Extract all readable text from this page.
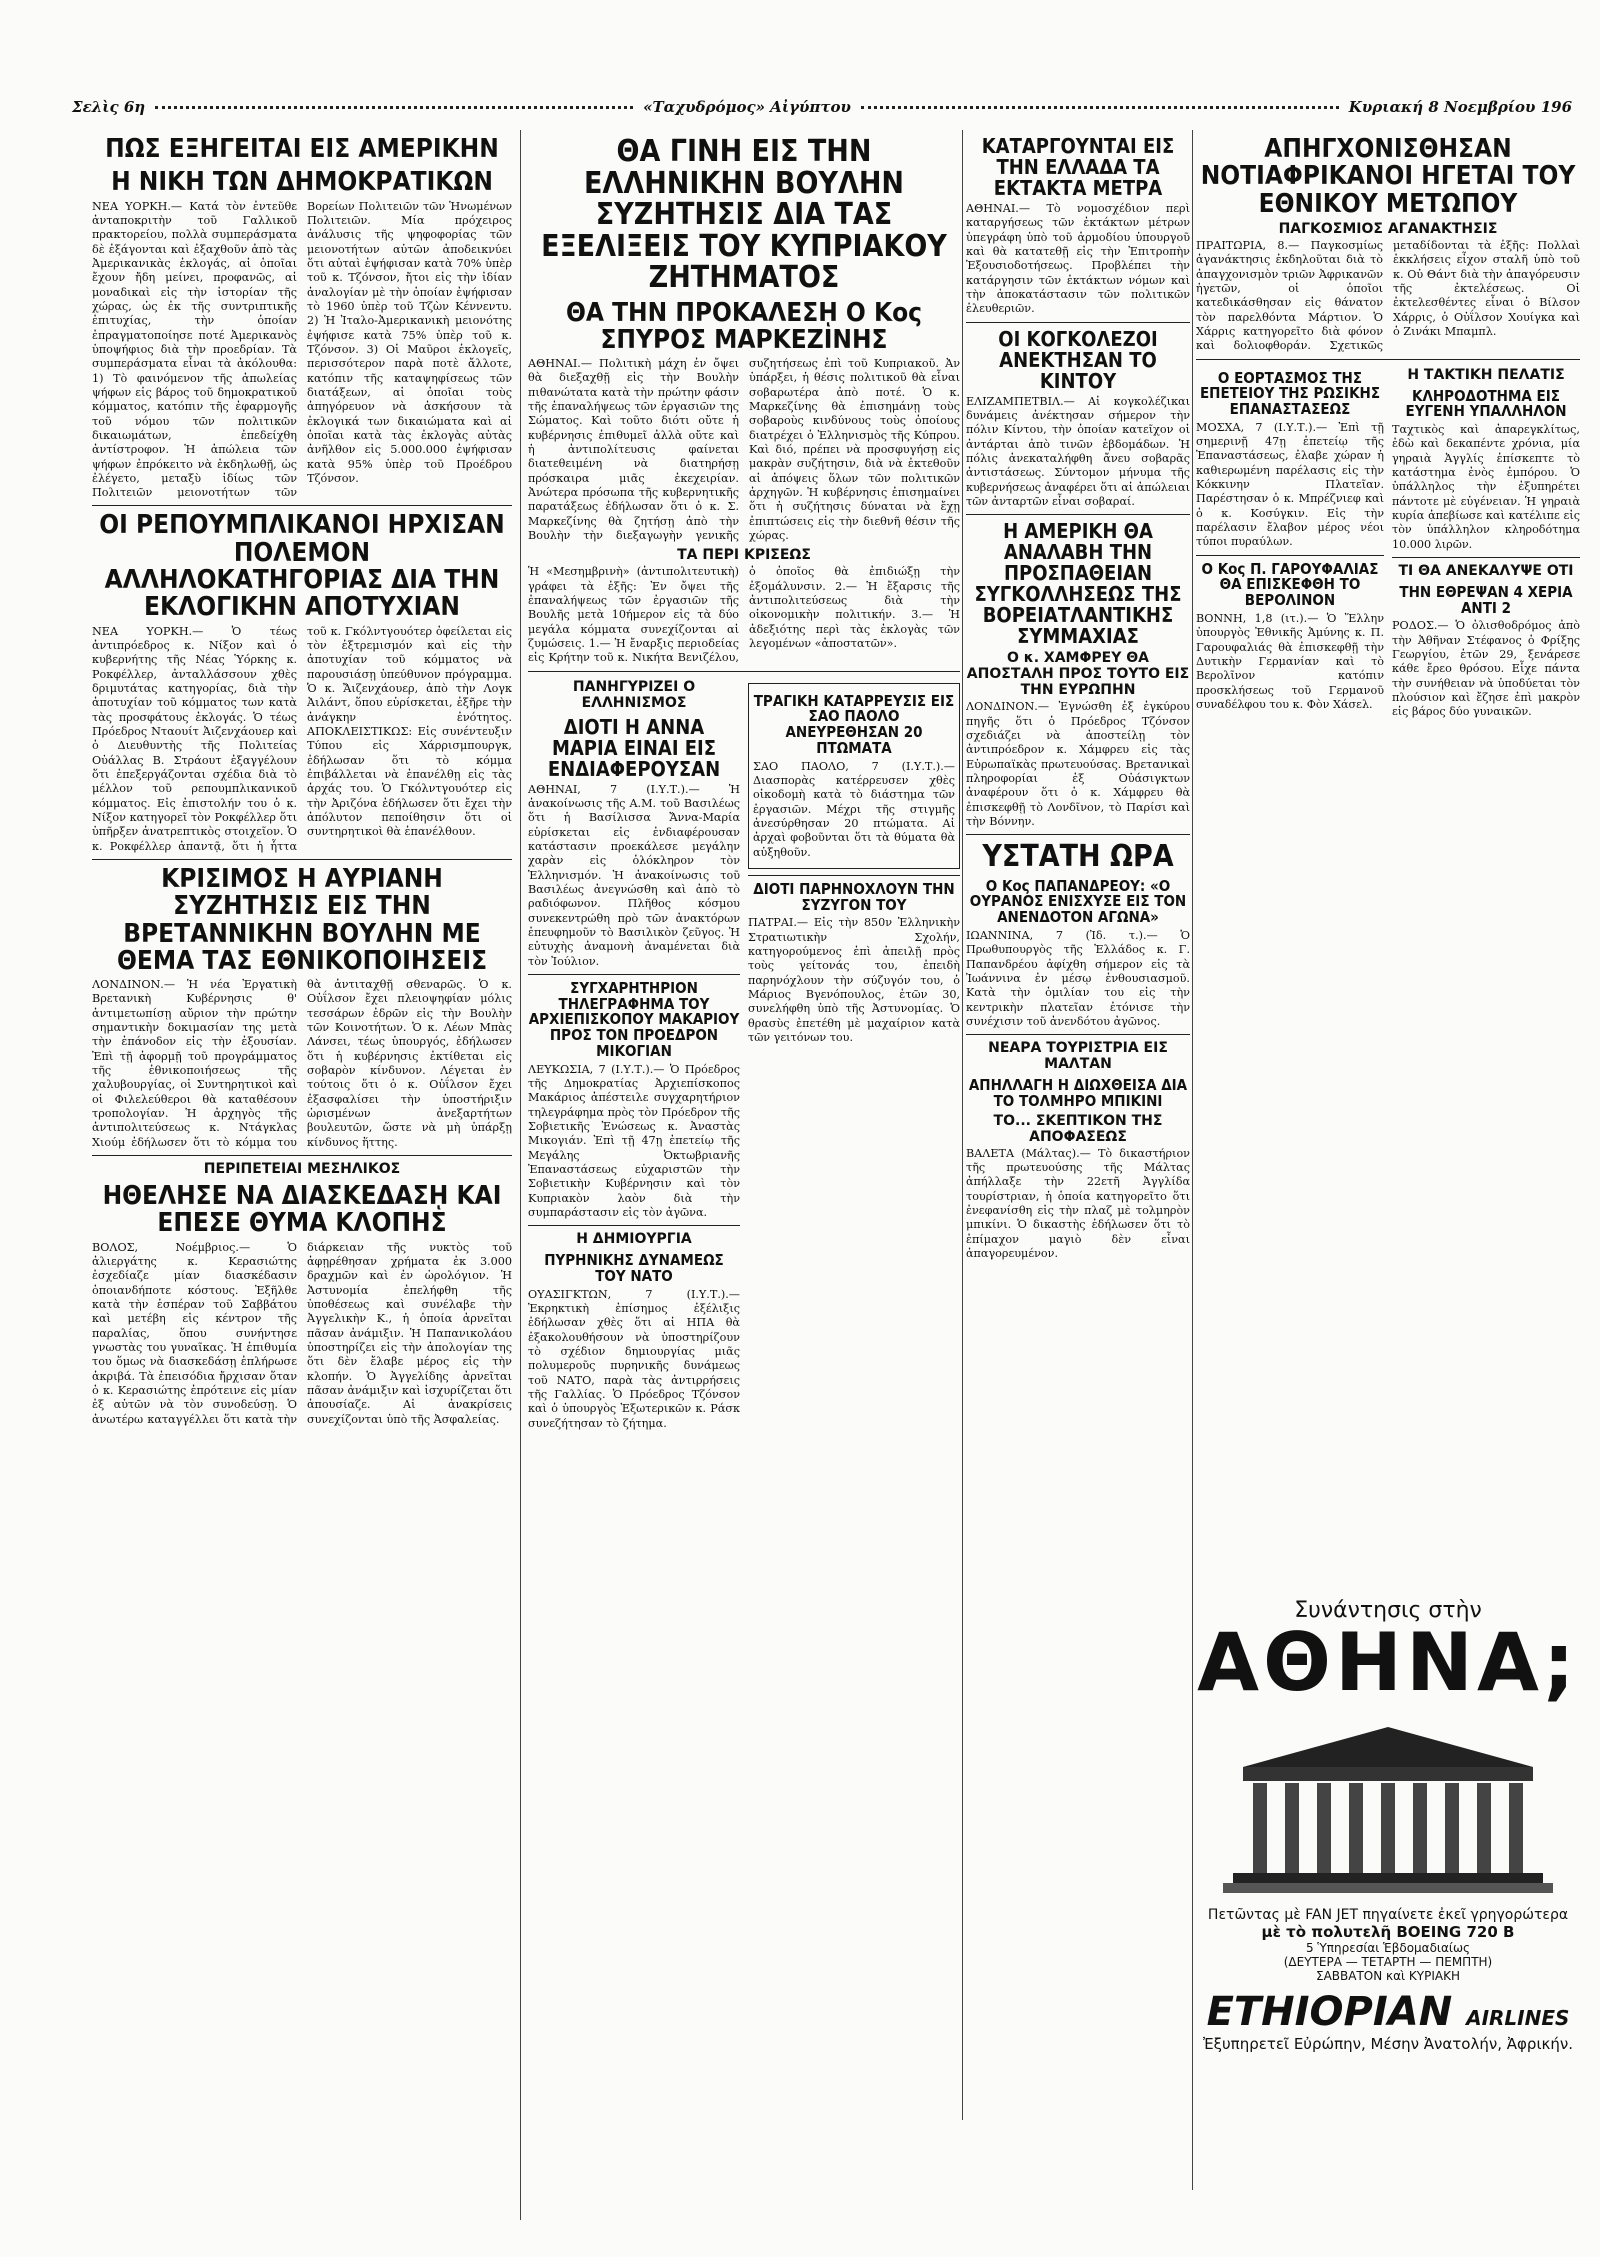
Σελὶς 6η	«Ταχυδρόμος» Αἰγύπτου	Κυριακή 8 Νοεμβρίου 196
ΠΩΣ ΕΞΗΓΕΙΤΑΙ ΕΙΣ ΑΜΕΡΙΚΗΝ
Η ΝΙΚΗ ΤΩΝ ΔΗΜΟΚΡΑΤΙΚΩΝ

ΝΕΑ ΥΟΡΚΗ.— Κατά τὸν ἐντεῦθε ἀνταποκριτὴν τοῦ Γαλλικοῦ πρακτορείου, πολλὰ συμπεράσματα δὲ ἐξάγονται καὶ ἐξαχθοῦν ἀπὸ τὰς Ἀμερικανικὰς ἐκλογάς, αἱ ὁποῖαι ἔχουν ἤδη μείνει, προφανῶς, αἱ μοναδικαὶ εἰς τὴν ἱστορίαν τῆς χώρας, ὡς ἐκ τῆς συντριπτικῆς ἐπιτυχίας, τὴν ὁποίαν ἐπραγματοποίησε ποτέ Ἀμερικανὸς ὑποψήφιος διὰ τὴν προεδρίαν. Τὰ συμπεράσματα εἶναι τὰ ἀκόλουθα: 1) Τὸ φαινόμενον τῆς ἀπωλείας ψήφων εἰς βάρος τοῦ δημοκρατικοῦ κόμματος, κατόπιν τῆς ἐφαρμογῆς τοῦ νόμου τῶν πολιτικῶν δικαιωμάτων, ἐπεδείχθη ἀντίστροφον. Ἡ ἀπώλεια τῶν ψήφων ἐπρόκειτο νὰ ἐκδηλωθῇ, ὡς ἐλέγετο, μεταξὺ ἰδίως τῶν Πολιτειῶν μειονοτήτων τῶν Βορείων Πολιτειῶν τῶν Ἡνωμένων Πολιτειῶν. Μία πρόχειρος ἀνάλυσις τῆς ψηφοφορίας τῶν μειονοτήτων αὐτῶν ἀποδεικνύει ὅτι αὐταὶ ἐψήφισαν κατὰ 70% ὑπὲρ τοῦ κ. Τζόνσον, ἤτοι εἰς τὴν ἰδίαν ἀναλογίαν μὲ τὴν ὁποίαν ἐψήφισαν τὸ 1960 ὑπὲρ τοῦ Τζὼν Κέννεντυ. 2) Ἡ Ἰταλο-Ἀμερικανικὴ μειονότης ἐψήφισε κατὰ 75% ὑπὲρ τοῦ κ. Τζόνσον. 3) Οἱ Μαῦροι ἐκλογεῖς, περισσότερον παρὰ ποτὲ ἄλλοτε, κατόπιν τῆς καταψηφίσεως τῶν διατάξεων, αἱ ὁποῖαι τοὺς ἀπηγόρευον νὰ ἀσκήσουν τὰ ἐκλογικά των δικαιώματα καὶ αἱ ὁποῖαι κατὰ τὰς ἐκλογὰς αὐτὰς ἀνῆλθον εἰς 5.000.000 ἐψήφισαν κατὰ 95% ὑπὲρ τοῦ Προέδρου Τζόνσον.

ΟΙ ΡΕΠΟΥΜΠΛΙΚΑΝΟΙ ΗΡΧΙΣΑΝ ΠΟΛΕΜΟΝ ΑΛΛΗΛΟΚΑΤΗΓΟΡΙΑΣ ΔΙΑ ΤΗΝ ΕΚΛΟΓΙΚΗΝ ΑΠΟΤΥΧΙΑΝ

ΝΕΑ ΥΟΡΚΗ.— Ὁ τέως ἀντιπρόεδρος κ. Νίξον καὶ ὁ κυβερνήτης τῆς Νέας Ὑόρκης κ. Ροκφέλλερ, ἀνταλλάσσουν χθὲς δριμυτάτας κατηγορίας, διὰ τὴν ἀποτυχίαν τοῦ κόμματος των κατὰ τὰς προσφάτους ἐκλογάς. Ὁ τέως Πρόεδρος Νταουίτ Ἀιζενχάουερ καὶ ὁ Διευθυντὴς τῆς Πολιτείας Οὐάλλας Β. Στράουτ ἐξαγγέλουν ὅτι ἐπεξεργάζονται σχέδια διὰ τὸ μέλλον τοῦ ρεπουμπλικανικοῦ κόμματος. Εἰς ἐπιστολήν του ὁ κ. Νίξον κατηγορεῖ τὸν Ροκφέλλερ ὅτι ὑπῆρξεν ἀνατρεπτικὸς στοιχεῖον. Ὁ κ. Ροκφέλλερ ἀπαντᾷ, ὅτι ἡ ἧττα τοῦ κ. Γκόλντγουότερ ὀφείλεται εἰς τὸν ἐξτρεμισμόν καὶ εἰς τὴν ἀποτυχίαν τοῦ κόμματος νὰ παρουσιάσῃ ὑπεύθυνον πρόγραμμα. Ὁ κ. Ἄιζενχάουερ, ἀπὸ τὴν Λογκ Ἀιλάντ, ὅπου εὑρίσκεται, ἐξῆρε τὴν ἀνάγκην ἐνότητος. ΑΠΟΚΛΕΙΣΤΙΚΩΣ: Εἰς συνέντευξιν Τύπου εἰς Χάρρισμπουργκ, ἐδήλωσαν ὅτι τὸ κόμμα ἐπιβάλλεται νὰ ἐπανέλθῃ εἰς τὰς ἀρχάς του. Ὁ Γκόλντγουότερ εἰς τὴν Ἀριζόνα ἐδήλωσεν ὅτι ἔχει τὴν ἀπόλυτον πεποίθησιν ὅτι οἱ συντηρητικοὶ θὰ ἐπανέλθουν.

ΚΡΙΣΙΜΟΣ Η ΑΥΡΙΑΝΗ ΣΥΖΗΤΗΣΙΣ ΕΙΣ ΤΗΝ ΒΡΕΤΑΝΝΙΚΗΝ ΒΟΥΛΗΝ ΜΕ ΘΕΜΑ ΤΑΣ ΕΘΝΙΚΟΠΟΙΗΣΕΙΣ

ΛΟΝΔΙΝΟΝ.— Ἡ νέα Ἐργατικὴ Βρετανικὴ Κυβέρνησις θ' ἀντιμετωπίσῃ αὔριον τὴν πρώτην σημαντικὴν δοκιμασίαν της μετὰ τὴν ἐπάνοδον εἰς τὴν ἐξουσίαν. Ἐπὶ τῇ ἀφορμῇ τοῦ προγράμματος τῆς ἐθνικοποιήσεως τῆς χαλυβουργίας, οἱ Συντηρητικοὶ καὶ οἱ Φιλελεύθεροι θὰ καταθέσουν τροπολογίαν. Ἡ ἀρχηγὸς τῆς ἀντιπολιτεύσεως κ. Ντάγκλας Χιούμ ἐδήλωσεν ὅτι τὸ κόμμα του θὰ ἀντιταχθῇ σθεναρῶς. Ὁ κ. Οὐΐλσον ἔχει πλειοψηφίαν μόλις τεσσάρων ἐδρῶν εἰς τὴν Βουλὴν τῶν Κοινοτήτων. Ὁ κ. Λέων Μπὰς Λάνσει, τέως ὑπουργός, ἐδήλωσεν ὅτι ἡ κυβέρνησις ἐκτίθεται εἰς σοβαρὸν κίνδυνον. Λέγεται ἐν τούτοις ὅτι ὁ κ. Οὐΐλσον ἔχει ἐξασφαλίσει τὴν ὑποστήριξιν ὡρισμένων ἀνεξαρτήτων βουλευτῶν, ὥστε νὰ μὴ ὑπάρξῃ κίνδυνος ἥττης.

ΠΕΡΙΠΕΤΕΙΑΙ ΜΕΣΗΛΙΚΟΣ
ΗΘΕΛΗΣΕ ΝΑ ΔΙΑΣΚΕΔΑΣῌ ΚΑΙ ΕΠΕΣΕ ΘΥΜΑ ΚΛΟΠΗΣ

ΒΟΛΟΣ, Νοέμβριος.— Ὁ ἀλιεργάτης κ. Κερασιώτης ἐσχεδίαζε μίαν διασκέδασιν ὁποιανδήποτε κόστους. Ἐξῆλθε κατὰ τὴν ἑσπέραν τοῦ Σαββάτου καὶ μετέβη εἰς κέντρον τῆς παραλίας, ὅπου συνήντησε γνωστὰς του γυναῖκας. Ἡ ἐπιθυμία του ὅμως νὰ διασκεδάσῃ ἐπλήρωσε ἀκριβά. Τὰ ἐπεισόδια ἤρχισαν ὅταν ὁ κ. Κερασιώτης ἐπρότεινε εἰς μίαν ἐξ αὐτῶν νὰ τὸν συνοδεύσῃ. Ὁ ἀνωτέρω καταγγέλλει ὅτι κατὰ τὴν διάρκειαν τῆς νυκτὸς τοῦ ἀφῃρέθησαν χρήματα ἐκ 3.000 δραχμῶν καὶ ἐν ὡρολόγιον. Ἡ Ἀστυνομία ἐπελήφθη τῆς ὑποθέσεως καὶ συνέλαβε τὴν Ἀγγελικὴν Κ., ἡ ὁποία ἀρνεῖται πᾶσαν ἀνάμιξιν. Ἡ Παπανικολάου ὑποστηρίζει εἰς τὴν ἀπολογίαν της ὅτι δὲν ἔλαβε μέρος εἰς τὴν κλοπήν. Ὁ Ἀγγελίδης ἀρνεῖται πᾶσαν ἀνάμιξιν καὶ ἰσχυρίζεται ὅτι ἀπουσίαζε. Αἱ ἀνακρίσεις συνεχίζονται ὑπὸ τῆς Ἀσφαλείας.

ΘΑ ΓΙΝΗ ΕΙΣ ΤΗΝ ΕΛΛΗΝΙΚΗΝ ΒΟΥΛΗΝ ΣΥΖΗΤΗΣΙΣ ΔΙΑ ΤΑΣ ΕΞΕΛΙΞΕΙΣ ΤΟΥ ΚΥΠΡΙΑΚΟΥ ΖΗΤΗΜΑΤΟΣ
ΘΑ ΤΗΝ ΠΡΟΚΑΛΕΣῌ Ο Κος ΣΠΥΡΟΣ ΜΑΡΚΕΖΙΝΗΣ

ΑΘΗΝΑΙ.— Πολιτικὴ μάχη ἐν ὄψει θὰ διεξαχθῇ εἰς τὴν Βουλὴν πιθανώτατα κατὰ τὴν πρώτην φάσιν τῆς ἐπαναλήψεως τῶν ἐργασιῶν της Σώματος. Καὶ τοῦτο διότι οὔτε ἡ κυβέρνησις ἐπιθυμεῖ ἀλλὰ οὔτε καὶ ἡ ἀντιπολίτευσις φαίνεται διατεθειμένη νὰ διατηρήσῃ πρόσκαιρα μιᾶς ἐκεχειρίαν. Ἀνώτερα πρόσωπα τῆς κυβερνητικῆς παρατάξεως ἐδήλωσαν ὅτι ὁ κ. Σ. Μαρκεζίνης θὰ ζητήσῃ ἀπὸ τὴν Βουλὴν τὴν διεξαγωγὴν γενικῆς συζητήσεως ἐπὶ τοῦ Κυπριακοῦ. Ἀν ὑπάρξει, ἡ θέσις πολιτικοῦ θὰ εἶναι σοβαρωτέρα ἀπὸ ποτέ. Ὁ κ. Μαρκεζίνης θὰ ἐπισημάνῃ τοὺς σοβαροὺς κινδύνους τοὺς ὁποίους διατρέχει ὁ Ἑλληνισμὸς τῆς Κύπρου. Καὶ διό, πρέπει νὰ προσφυγήσῃ εἰς μακρὰν συζήτησιν, διὰ νὰ ἐκτεθοῦν αἱ ἀπόψεις ὅλων τῶν πολιτικῶν ἀρχηγῶν. Ἡ κυβέρνησις ἐπισημαίνει ὅτι ἡ συζήτησις δύναται νὰ ἔχῃ ἐπιπτώσεις εἰς τὴν διεθνῆ θέσιν τῆς χώρας.

ΤΑ ΠΕΡΙ ΚΡΙΣΕΩΣ

Ἡ «Μεσημβρινὴ» (ἀντιπολιτευτικὴ) γράφει τὰ ἑξῆς: Ἐν ὄψει τῆς ἐπαναλήψεως τῶν ἐργασιῶν τῆς Βουλῆς μετὰ 10ήμερον εἰς τὰ δύο μεγάλα κόμματα συνεχίζονται αἱ ζυμώσεις. 1.— Ἡ ἔναρξις περιοδείας εἰς Κρήτην τοῦ κ. Νικήτα Βενιζέλου, ὁ ὁποῖος θὰ ἐπιδιώξῃ τὴν ἐξομάλυνσιν. 2.— Ἡ ἔξαρσις τῆς ἀντιπολιτεύσεως διὰ τὴν οἰκονομικὴν πολιτικήν. 3.— Ἡ ἀδεξιότης περὶ τὰς ἐκλογὰς τῶν λεγομένων «ἀποστατῶν».

ΠΑΝΗΓΥΡΙΖΕΙ Ο ΕΛΛΗΝΙΣΜΟΣ
ΔΙΟΤΙ Η ΑΝΝΑ ΜΑΡΙΑ ΕΙΝΑΙ ΕΙΣ ΕΝΔΙΑΦΕΡΟΥΣΑΝ

ΑΘΗΝΑΙ, 7 (Ι.Υ.Τ.).— Ἡ ἀνακοίνωσις τῆς Α.Μ. τοῦ Βασιλέως ὅτι ἡ Βασίλισσα Ἄννα-Μαρία εὑρίσκεται εἰς ἐνδιαφέρουσαν κατάστασιν προεκάλεσε μεγάλην χαρὰν εἰς ὁλόκληρον τὸν Ἑλληνισμόν. Ἡ ἀνακοίνωσις τοῦ Βασιλέως ἀνεγνώσθη καὶ ἀπὸ τὸ ραδιόφωνον. Πλῆθος κόσμου συνεκεντρώθη πρὸ τῶν ἀνακτόρων ἐπευφημοῦν τὸ Βασιλικὸν ζεῦγος. Ἡ εὐτυχὴς ἀναμονὴ ἀναμένεται διὰ τὸν Ἰούλιον.

ΣΥΓΧΑΡΗΤΗΡΙΟΝ ΤΗΛΕΓΡΑΦΗΜΑ ΤΟΥ ΑΡΧΙΕΠΙΣΚΟΠΟΥ ΜΑΚΑΡΙΟΥ ΠΡΟΣ ΤΟΝ ΠΡΟΕΔΡΟΝ ΜΙΚΟΓΙΑΝ

ΛΕΥΚΩΣΙΑ, 7 (Ι.Υ.Τ.).— Ὁ Πρόεδρος τῆς Δημοκρατίας Ἀρχιεπίσκοπος Μακάριος ἀπέστειλε συγχαρητήριον τηλεγράφημα πρὸς τὸν Πρόεδρον τῆς Σοβιετικῆς Ἑνώσεως κ. Ἀναστὰς Μικογιάν. Ἐπὶ τῇ 47ῃ ἐπετείῳ τῆς Μεγάλης Ὀκτωβριανῆς Ἐπαναστάσεως εὐχαριστῶν τὴν Σοβιετικὴν Κυβέρνησιν καὶ τὸν Κυπριακὸν λαὸν διὰ τὴν συμπαράστασιν εἰς τὸν ἀγῶνα.

Η ΔΗΜΙΟΥΡΓΙΑ
ΠΥΡΗΝΙΚΗΣ ΔΥΝΑΜΕΩΣ ΤΟΥ ΝΑΤΟ

ΟΥΑΣΙΓΚΤΩΝ, 7 (Ι.Υ.Τ.).— Ἐκρηκτικὴ ἐπίσημος ἐξέλιξις ἐδήλωσαν χθὲς ὅτι αἱ ΗΠΑ θὰ ἐξακολουθήσουν νὰ ὑποστηρίζουν τὸ σχέδιον δημιουργίας μιᾶς πολυμεροῦς πυρηνικῆς δυνάμεως τοῦ ΝΑΤΟ, παρὰ τὰς ἀντιρρήσεις τῆς Γαλλίας. Ὁ Πρόεδρος Τζόνσον καὶ ὁ ὑπουργὸς Ἐξωτερικῶν κ. Ράσκ συνεζήτησαν τὸ ζήτημα.

ΤΡΑΓΙΚΗ ΚΑΤΑΡΡΕΥΣΙΣ ΕΙΣ ΣΑΟ ΠΑΟΛΟ ΑΝΕΥΡΕΘΗΣΑΝ 20 ΠΤΩΜΑΤΑ

ΣΑΟ ΠΑΟΛΟ, 7 (Ι.Υ.Τ.).— Διασπορὰς κατέρρευσεν χθὲς οἰκοδομὴ κατὰ τὸ διάστημα τῶν ἐργασιῶν. Μέχρι τῆς στιγμῆς ἀνεσύρθησαν 20 πτώματα. Αἱ ἀρχαὶ φοβοῦνται ὅτι τὰ θύματα θὰ αὐξηθοῦν.

ΔΙΟΤΙ ΠΑΡΗΝΟΧΛΟΥΝ ΤΗΝ ΣΥΖΥΓΟΝ ΤΟΥ

ΠΑΤΡΑΙ.— Εἰς τὴν 850ν Ἐλληνικὴν Στρατιωτικὴν Σχολήν, κατηγορούμενος ἐπὶ ἀπειλῇ πρὸς τοὺς γείτονάς του, ἐπειδὴ παρηνόχλουν τὴν σύζυγόν του, ὁ Μάριος Βγενόπουλος, ἐτῶν 30, συνελήφθη ὑπὸ τῆς Ἀστυνομίας. Ὁ θρασὺς ἐπετέθη μὲ μαχαίριον κατὰ τῶν γειτόνων του.

ΚΑΤΑΡΓΟΥΝΤΑΙ ΕΙΣ ΤΗΝ ΕΛΛΑΔΑ ΤΑ ΕΚΤΑΚΤΑ ΜΕΤΡΑ

ΑΘΗΝΑΙ.— Τὸ νομοσχέδιον περὶ καταργήσεως τῶν ἐκτάκτων μέτρων ὑπεγράφη ὑπὸ τοῦ ἁρμοδίου ὑπουργοῦ καὶ θὰ κατατεθῇ εἰς τὴν Ἐπιτροπὴν Ἐξουσιοδοτήσεως. Προβλέπει τὴν κατάργησιν τῶν ἐκτάκτων νόμων καὶ τὴν ἀποκατάστασιν τῶν πολιτικῶν ἐλευθεριῶν.

ΟΙ ΚΟΓΚΟΛΕΖΟΙ ΑΝΕΚΤΗΣΑΝ ΤΟ ΚΙΝΤΟΥ

ΕΛΙΖΑΜΠΕΤΒΙΛ.— Αἱ κογκολέζικαι δυνάμεις ἀνέκτησαν σήμερον τὴν πόλιν Κίντου, τὴν ὁποίαν κατεῖχον οἱ ἀντάρται ἀπὸ τινῶν ἑβδομάδων. Ἡ πόλις ἀνεκαταλήφθη ἄνευ σοβαρᾶς ἀντιστάσεως. Σύντομον μήνυμα τῆς κυβερνήσεως ἀναφέρει ὅτι αἱ ἀπώλειαι τῶν ἀνταρτῶν εἶναι σοβαραί.

Η ΑΜΕΡΙΚΗ ΘΑ ΑΝΑΛΑΒΗ ΤΗΝ ΠΡΟΣΠΑΘΕΙΑΝ ΣΥΓΚΟΛΛΗΣΕΩΣ ΤΗΣ ΒΟΡΕΙΑΤΛΑΝΤΙΚΗΣ ΣΥΜΜΑΧΙΑΣ
Ο κ. ΧΑΜΦΡΕΥ ΘΑ ΑΠΟΣΤΑΛΗ ΠΡΟΣ ΤΟΥΤΟ ΕΙΣ ΤΗΝ ΕΥΡΩΠΗΝ

ΛΟΝΔΙΝΟΝ.— Ἐγνώσθη ἐξ ἐγκύρου πηγῆς ὅτι ὁ Πρόεδρος Τζόνσον σχεδιάζει νὰ ἀποστείλῃ τὸν ἀντιπρόεδρον κ. Χάμφρευ εἰς τὰς Εὐρωπαϊκὰς πρωτευούσας. Βρετανικαὶ πληροφορίαι ἐξ Οὐάσιγκτων ἀναφέρουν ὅτι ὁ κ. Χάμφρευ θὰ ἐπισκεφθῇ τὸ Λονδῖνον, τὸ Παρίσι καὶ τὴν Βόννην.

ΥΣΤΑΤΗ ΩΡΑ
Ο Κος ΠΑΠΑΝΔΡΕΟΥ: «Ο ΟΥΡΑΝΟΣ ΕΝΙΣΧΥΣΕ ΕΙΣ ΤΟΝ ΑΝΕΝΔΟΤΟΝ ΑΓΩΝΑ»

ΙΩΑΝΝΙΝΑ, 7 (Ἰδ. τ.).— Ὁ Πρωθυπουργὸς τῆς Ἑλλάδος κ. Γ. Παπανδρέου ἀφίχθη σήμερον εἰς τὰ Ἰωάννινα ἐν μέσῳ ἐνθουσιασμοῦ. Κατὰ τὴν ὁμιλίαν του εἰς τὴν κεντρικὴν πλατεῖαν ἐτόνισε τὴν συνέχισιν τοῦ ἀνενδότου ἀγῶνος.

ΝΕΑΡΑ ΤΟΥΡΙΣΤΡΙΑ ΕΙΣ ΜΑΛΤΑΝ
ΑΠΗΛΛΑΓΗ Η ΔΙΩΧΘΕΙΣΑ ΔΙΑ ΤΟ ΤΟΛΜΗΡΟ ΜΠΙΚΙΝΙ
ΤΟ... ΣΚΕΠΤΙΚΟΝ ΤΗΣ ΑΠΟΦΑΣΕΩΣ

ΒΑΛΕΤΑ (Μάλτας).— Τὸ δικαστήριον τῆς πρωτευούσης τῆς Μάλτας ἀπήλλαξε τὴν 22ετῆ Ἀγγλίδα τουρίστριαν, ἡ ὁποία κατηγορεῖτο ὅτι ἐνεφανίσθη εἰς τὴν πλαζ μὲ τολμηρὸν μπικίνι. Ὁ δικαστὴς ἐδήλωσεν ὅτι τὸ ἐπίμαχον μαγιὸ δὲν εἶναι ἀπαγορευμένον.

ΑΠΗΓΧΟΝΙΣΘΗΣΑΝ ΝΟΤΙΑΦΡΙΚΑΝΟΙ ΗΓΕΤΑΙ ΤΟΥ ΕΘΝΙΚΟΥ ΜΕΤΩΠΟΥ
ΠΑΓΚΟΣΜΙΟΣ ΑΓΑΝΑΚΤΗΣΙΣ

ΠΡΑΙΤΩΡΙΑ, 8.— Παγκοσμίως ἀγανάκτησις ἐκδηλοῦται διὰ τὸ ἀπαγχονισμὸν τριῶν Ἀφρικανῶν ἡγετῶν, οἱ ὁποῖοι κατεδικάσθησαν εἰς θάνατον τὸν παρελθόντα Μάρτιον. Ὁ Χάρρις κατηγορεῖτο διὰ φόνον καὶ δολιοφθοράν. Σχετικῶς μεταδίδονται τὰ ἑξῆς: Πολλαὶ ἐκκλήσεις εἶχον σταλῆ ὑπὸ τοῦ κ. Οὐ Θάντ διὰ τὴν ἀπαγόρευσιν τῆς ἐκτελέσεως. Οἱ ἐκτελεσθέντες εἶναι ὁ Βίλσον Χάρρις, ὁ Οὐΐλσον Χουίγκα καὶ ὁ Ζινάκι Μπαμπλ.

Ο ΕΟΡΤΑΣΜΟΣ ΤΗΣ ΕΠΕΤΕΙΟΥ ΤΗΣ ΡΩΣΙΚΗΣ ΕΠΑΝΑΣΤΑΣΕΩΣ

ΜΟΣΧΑ, 7 (Ι.Υ.Τ.).— Ἐπὶ τῇ σημερινῇ 47ῃ ἐπετείῳ τῆς Ἐπαναστάσεως, ἐλαβε χώραν ἡ καθιερωμένη παρέλασις εἰς τὴν Κόκκινην Πλατεῖαν. Παρέστησαν ὁ κ. Μπρέζνιεφ καὶ ὁ κ. Κοσύγκιν. Εἰς τὴν παρέλασιν ἔλαβον μέρος νέοι τύποι πυραύλων.

Ο Κος Π. ΓΑΡΟΥΦΑΛΙΑΣ ΘΑ ΕΠΙΣΚΕΦΘΗ ΤΟ ΒΕΡΟΛΙΝΟΝ

ΒΟΝΝΗ, 1,8 (ιτ.).— Ὁ Ἕλλην ὑπουργὸς Ἐθνικῆς Ἀμύνης κ. Π. Γαρουφαλιάς θὰ ἐπισκεφθῇ τὴν Δυτικὴν Γερμανίαν καὶ τὸ Βερολῖνον κατόπιν προσκλήσεως τοῦ Γερμανοῦ συναδέλφου του κ. Φὸν Χάσελ.

Η ΤΑΚΤΙΚΗ ΠΕΛΑΤΙΣ
ΚΛΗΡΟΔΟΤΗΜΑ ΕΙΣ ΕΥΓΕΝΗ ΥΠΑΛΛΗΛΟΝ

Ταχτικὸς καὶ ἀπαρεγκλίτως, ἐδὼ καὶ δεκαπέντε χρόνια, μία γηραιὰ Ἀγγλίς ἐπίσκεπτε τὸ κατάστημα ἐνὸς ἐμπόρου. Ὁ ὑπάλληλος τὴν ἐξυπηρέτει πάντοτε μὲ εὐγένειαν. Ἡ γηραιὰ κυρία ἀπεβίωσε καὶ κατέλιπε εἰς τὸν ὑπάλληλον κληροδότημα 10.000 λιρῶν.

ΤΙ ΘΑ ΑΝΕΚΑΛΥΨΕ ΟΤΙ
ΤΗΝ ΕΘΡΕΨΑΝ 4 ΧΕΡΙΑ ΑΝΤΙ 2

ΡΟΔΟΣ.— Ὁ ὀλισθοδρόμος ἀπὸ τὴν Ἀθῆναν Στέφανος ὁ Φρίξης Γεωργίου, ἐτῶν 29, ξενάρεσε κάθε ἔρεο θρόσου. Εἶχε πάντα τὴν συνήθειαν νὰ ὑποδύεται τὸν πλούσιον καὶ ἔζησε ἐπὶ μακρὸν εἰς βάρος δύο γυναικῶν.

Συνάντησις στὴν
ΑΘΗΝΑ;
Πετῶντας μὲ FAN JET πηγαίνετε ἐκεῖ γρηγορώτερα
μὲ τὸ πολυτελῆ BOEING 720 B
5 Ὑπηρεσίαι Ἑβδομαδιαίως
(ΔΕΥΤΕΡΑ — ΤΕΤΑΡΤΗ — ΠΕΜΠΤΗ)
ΣΑΒΒΑΤΟΝ καὶ ΚΥΡΙΑΚΗ
ETHIOPIAN AIRLINES
Ἐξυπηρετεῖ Εὐρώπην, Μέσην Ἀνατολήν, Ἀφρικήν.
